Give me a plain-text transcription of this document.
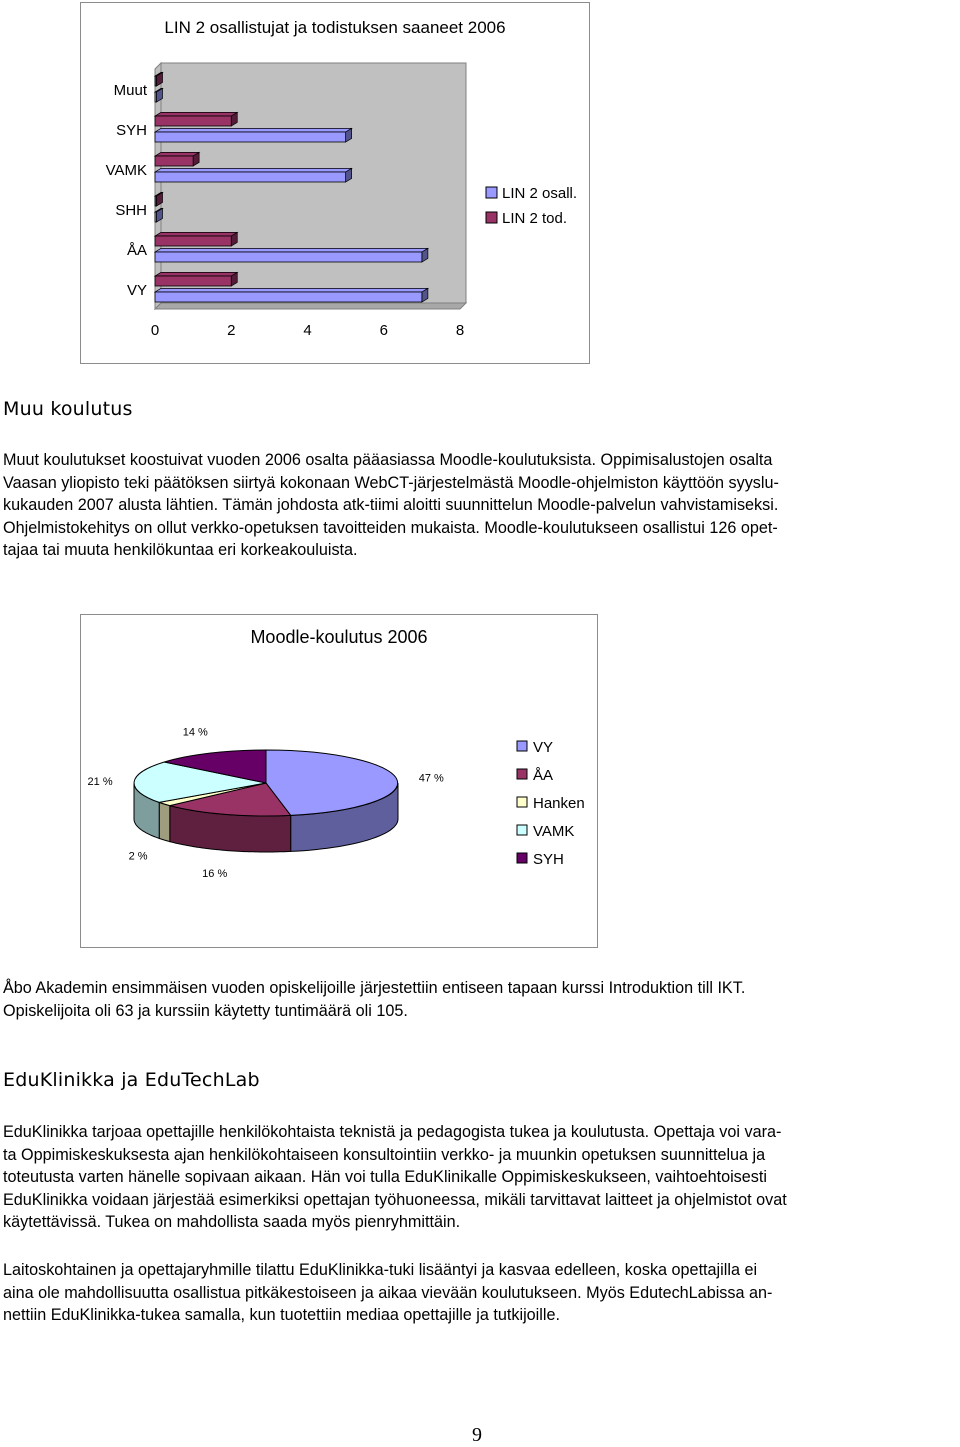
LIN 2 osallistujat ja todistuksen saaneet 2006
VY
ÅA
SHH
VAMK
SYH
Muut
0	2	4	6	8
LIN 2 osall.
LIN 2 tod.
Muu koulutus
Muut koulutukset koostuivat vuoden 2006 osalta pääasiassa Moodle-koulutuksista. Oppimisalustojen osalta
Vaasan yliopisto teki päätöksen siirtyä kokonaan WebCT-järjestelmästä Moodle-ohjelmiston käyttöön syyslu-
kukauden 2007 alusta lähtien. Tämän johdosta atk-tiimi aloitti suunnittelun Moodle-palvelun vahvistamiseksi.
Ohjelmistokehitys on ollut verkko-opetuksen tavoitteiden mukaista. Moodle-koulutukseen osallistui 126 opet-
tajaa tai muuta henkilökuntaa eri korkeakouluista.
Moodle-koulutus 2006
47 %
16 %
2 %
21 %
14 %
VY
ÅA
Hanken
VAMK
SYH
Åbo Akademin ensimmäisen vuoden opiskelijoille järjestettiin entiseen tapaan kurssi Introduktion till IKT.
Opiskelijoita oli 63 ja kurssiin käytetty tuntimäärä oli 105.
EduKlinikka ja EduTechLab
EduKlinikka tarjoaa opettajille henkilökohtaista teknistä ja pedagogista tukea ja koulutusta. Opettaja voi vara-
ta Oppimiskeskuksesta ajan henkilökohtaiseen konsultointiin verkko- ja muunkin opetuksen suunnittelua ja
toteutusta varten hänelle sopivaan aikaan. Hän voi tulla EduKlinikalle Oppimiskeskukseen, vaihtoehtoisesti
EduKlinikka voidaan järjestää esimerkiksi opettajan työhuoneessa, mikäli tarvittavat laitteet ja ohjelmistot ovat
käytettävissä. Tukea on mahdollista saada myös pienryhmittäin.
Laitoskohtainen ja opettajaryhmille tilattu EduKlinikka-tuki lisääntyi ja kasvaa edelleen, koska opettajilla ei
aina ole mahdollisuutta osallistua pitkäkestoiseen ja aikaa vievään koulutukseen. Myös EdutechLabissa an-
nettiin EduKlinikka-tukea samalla, kun tuotettiin mediaa opettajille ja tutkijoille.
9
